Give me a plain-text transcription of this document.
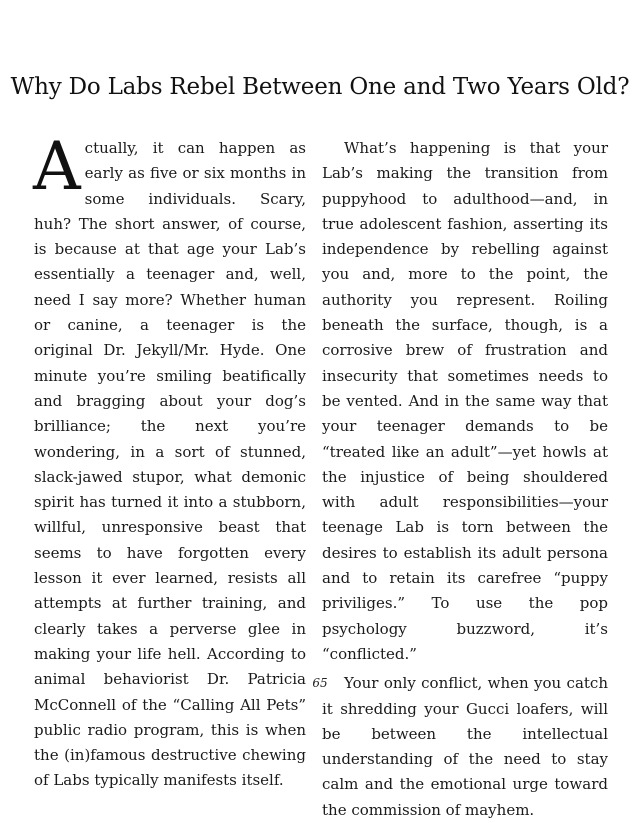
Why Do Labs Rebel Between One and Two Years Old?

Actually, it can happen as early as five or six months in some individuals. Scary, huh? The short answer, of course, is because at that age your Lab’s essentially a teenager and, well, need I say more? Whether human or canine, a teenager is the original Dr. Jekyll/Mr. Hyde. One minute you’re smiling beatifically and bragging about your dog’s brilliance; the next you’re wondering, in a sort of stunned, slack-jawed stupor, what demonic spirit has turned it into a stubborn, willful, unresponsive beast that seems to have forgotten every lesson it ever learned, resists all attempts at further training, and clearly takes a perverse glee in making your life hell. According to animal behaviorist Dr. Patricia McConnell of the “Calling All Pets” public radio program, this is when the (in)famous destructive chewing of Labs typically manifests itself.

What’s happening is that your Lab’s making the transition from puppyhood to adulthood—and, in true adolescent fashion, asserting its independence by rebelling against you and, more to the point, the authority you represent. Roiling beneath the surface, though, is a corrosive brew of frustration and insecurity that sometimes needs to be vented. And in the same way that your teenager demands to be “treated like an adult”—yet howls at the injustice of being shouldered with adult responsibilities—your teenage Lab is torn between the desires to establish its adult persona and to retain its carefree “puppy priviliges.” To use the pop psychology buzzword, it’s “conflicted.”

Your only conflict, when you catch it shredding your Gucci loafers, will be between the intellectual understanding of the need to stay calm and the emotional urge toward the commission of mayhem.

65
